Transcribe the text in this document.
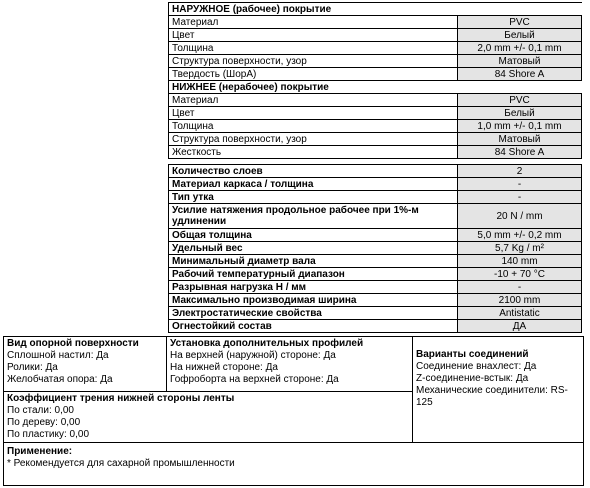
НАРУЖНОЕ (рабочее) покрытие	
Материал	PVC
Цвет	Белый
Толщина	2,0 mm +/- 0,1 mm
Структура поверхности, узор	Матовый
Твердость (ШорА)	84 Shore A
НИЖНЕЕ (нерабочее) покрытие	
Материал	PVC
Цвет	Белый
Толщина	1,0 mm +/- 0,1 mm
Структура поверхности, узор	Матовый
Жесткость	84 Shore A

Количество слоев	2
Материал каркаса / толщина	-
Тип утка	-
Усилие натяжения продольное рабочее при 1%-м удлинении	20 N / mm
Общая толщина	5,0 mm +/- 0,2 mm
Удельный вес	5,7 Kg / m²
Минимальный диаметр вала	140 mm
Рабочий температурный диапазон	-10 + 70 °C
Разрывная нагрузка Н / мм	-
Максимально производимая ширина	2100 mm
Электростатические свойства	Antistatic
Огнестойкий состав	ДА
Вид опорной поверхности
Сплошной настил: Да
Ролики: Да
Желобчатая опора: Да
Установка дополнительных профилей
На верхней (наружной) стороне: Да
На нижней стороне: Да
Гофроборта на верхней стороне: Да
Варианты соединений
Соединение внахлест: Да
Z-соединение-встык: Да
Механические соединители: RS-
125
Коэффициент трения нижней стороны ленты
По стали: 0,00
По дереву: 0,00
По пластику: 0,00
Применение:
* Рекомендуется для сахарной промышленности
